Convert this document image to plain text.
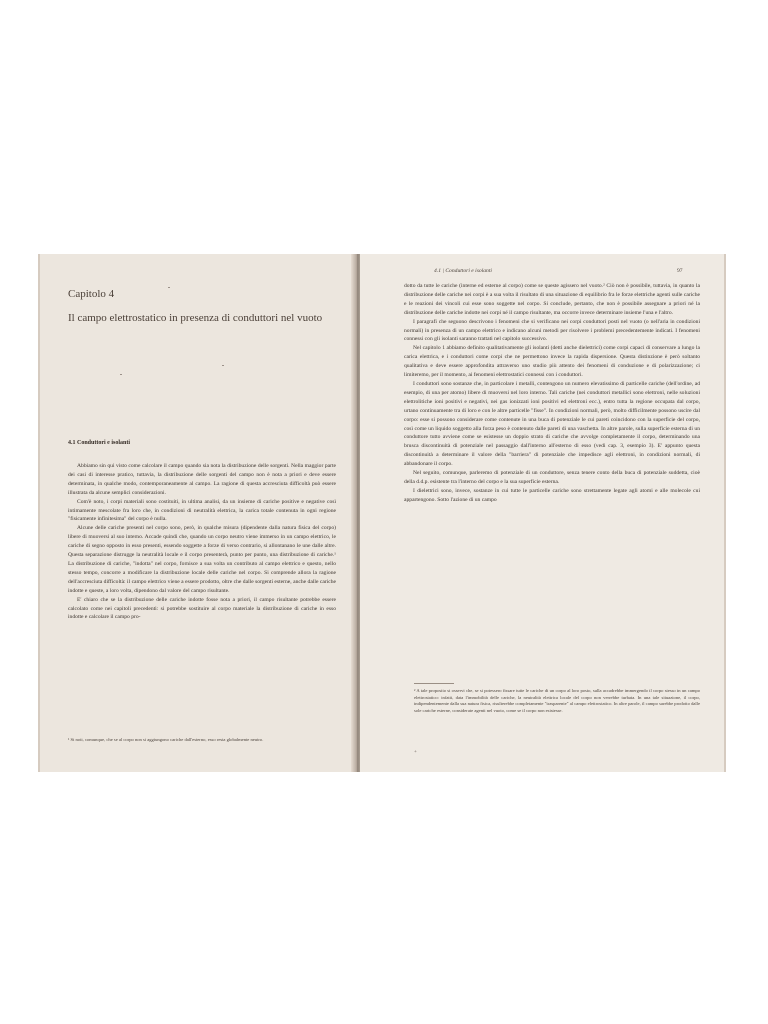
Capitolo 4
Il campo elettrostatico in presenza di conduttori nel vuoto
4.1 Conduttori e isolanti

Abbiamo sin qui visto come calcolare il campo quando sia nota la distribuzione delle sorgenti. Nella maggior parte dei casi di interesse pratico, tuttavia, la distribuzione delle sorgenti del campo non è nota a priori e deve essere determinata, in qualche modo, contemporaneamente al campo. La ragione di questa accresciuta difficoltà può essere illustrata da alcune semplici considerazioni.

Com'è noto, i corpi materiali sono costituiti, in ultima analisi, da un insieme di cariche positive e negative così intimamente mescolate fra loro che, in condizioni di neutralità elettrica, la carica totale contenuta in ogni regione "fisicamente infinitesima" del corpo è nulla.

Alcune delle cariche presenti nel corpo sono, però, in qualche misura (dipendente dalla natura fisica del corpo) libere di muoversi al suo interno. Accade quindi che, quando un corpo neutro viene immerso in un campo elettrico, le cariche di segno opposto in esso presenti, essendo soggette a forze di verso contrario, si allontanano le une dalle altre. Questa separazione distrugge la neutralità locale e il corpo presenterà, punto per punto, una distribuzione di cariche.¹ La distribuzione di cariche, "indotta" nel corpo, fornisce a sua volta un contributo al campo elettrico e questo, nello stesso tempo, concorre a modificare la distribuzione locale delle cariche nel corpo. Si comprende allora la ragione dell'accresciuta difficoltà: il campo elettrico viene a essere prodotto, oltre che dalle sorgenti esterne, anche dalle cariche indotte e queste, a loro volta, dipendono dal valore del campo risultante.

E' chiaro che se la distribuzione delle cariche indotte fosse nota a priori, il campo risultante potrebbe essere calcolato come nei capitoli precedenti: si potrebbe sostituire al corpo materiale la distribuzione di cariche in esso indotte e calcolare il campo pro-

¹ Si noti, comunque, che se al corpo non si aggiungono cariche dall'esterno, esso resta globalmente neutro.

4.1 | Conduttori e isolanti	97

dotto da tutte le cariche (interne ed esterne al corpo) come se queste agissero nel vuoto.² Ciò non è possibile, tuttavia, in quanto la distribuzione delle cariche nei corpi è a sua volta il risultato di una situazione di equilibrio fra le forze elettriche agenti sulle cariche e le reazioni dei vincoli cui esse sono soggette nel corpo. Si conclude, pertanto, che non è possibile assegnare a priori né la distribuzione delle cariche indotte nei corpi né il campo risultante, ma occorre invece determinare insieme l'una e l'altro.

I paragrafi che seguono descrivono i fenomeni che si verificano nei corpi conduttori posti nel vuoto (o nell'aria in condizioni normali) in presenza di un campo elettrico e indicano alcuni metodi per risolvere i problemi precedentemente indicati. I fenomeni connessi con gli isolanti saranno trattati nel capitolo successivo.

Nel capitolo 1 abbiamo definito qualitativamente gli isolanti (detti anche dielettrici) come corpi capaci di conservare a lungo la carica elettrica, e i conduttori come corpi che ne permettono invece la rapida dispersione. Questa distinzione è però soltanto qualitativa e deve essere approfondita attraverso uno studio più attento dei fenomeni di conduzione e di polarizzazione; ci limiteremo, per il momento, ai fenomeni elettrostatici connessi con i conduttori.

I conduttori sono sostanze che, in particolare i metalli, contengono un numero elevatissimo di particelle cariche (dell'ordine, ad esempio, di una per atomo) libere di muoversi nel loro interno. Tali cariche (nei conduttori metallici sono elettroni, nelle soluzioni elettrolitiche ioni positivi e negativi, nei gas ionizzati ioni positivi ed elettroni ecc.), entro tutta la regione occupata dal corpo, urtano continuamente tra di loro e con le altre particelle "fisse". In condizioni normali, però, molto difficilmente possono uscire dal corpo: esse si possono considerare come contenute in una buca di potenziale le cui pareti coincidono con la superficie del corpo, così come un liquido soggetto alla forza peso è contenuto dalle pareti di una vaschetta. In altre parole, sulla superficie esterna di un conduttore tutto avviene come se esistesse un doppio strato di cariche che avvolge completamente il corpo, determinando una brusca discontinuità di potenziale nel passaggio dall'interno all'esterno di esso (vedi cap. 3, esempio 3). E' appunto questa discontinuità a determinare il valore della "barriera" di potenziale che impedisce agli elettroni, in condizioni normali, di abbandonare il corpo.

Nel seguito, comunque, parleremo di potenziale di un conduttore, senza tenere conto della buca di potenziale suddetta, cioè della d.d.p. esistente tra l'interno del corpo e la sua superficie esterna.

I dielettrici sono, invece, sostanze in cui tutte le particelle cariche sono strettamente legate agli atomi e alle molecole cui appartengono. Sotto l'azione di un campo

² A tale proposito si osservi che, se si potessero fissare tutte le cariche di un corpo al loro posto, sulla accadrebbe immergendo il corpo stesso in un campo elettrostatico: infatti, data l'immobilità delle cariche, la neutralità elettrica locale del corpo non verrebbe turbata. In una tale situazione, il corpo, indipendentemente dalla sua natura fisica, risulterebbe completamente "trasparente" al campo elettrostatico. In altre parole, il campo sarebbe prodotto dalle sole cariche esterne, considerate agenti nel vuoto, come se il corpo non esistesse.

+
